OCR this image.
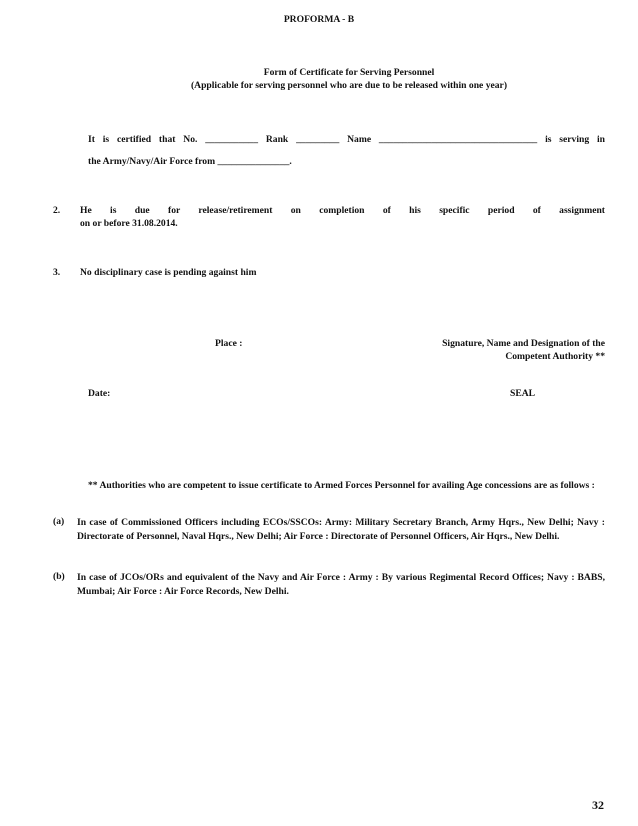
PROFORMA - B
Form of Certificate for Serving Personnel
(Applicable for serving personnel who are due to be released within one year)
It is certified that No. ___________ Rank _________ Name _________________________________ is serving in
the Army/Navy/Air Force from _______________.
2. He is due for release/retirement on completion of his specific period of assignment
on or before 31.08.2014.
3. No disciplinary case is pending against him
Place :	Signature, Name and Designation of the
Competent Authority **
Date:	SEAL
** Authorities who are competent to issue certificate to Armed Forces Personnel for availing Age concessions are as follows :
(a) In case of Commissioned Officers including ECOs/SSCOs: Army: Military Secretary Branch, Army Hqrs., New Delhi; Navy : Directorate of Personnel, Naval Hqrs., New Delhi; Air Force : Directorate of Personnel Officers, Air Hqrs., New Delhi.
(b) In case of JCOs/ORs and equivalent of the Navy and Air Force : Army : By various Regimental Record Offices; Navy : BABS, Mumbai; Air Force : Air Force Records, New Delhi.
32
